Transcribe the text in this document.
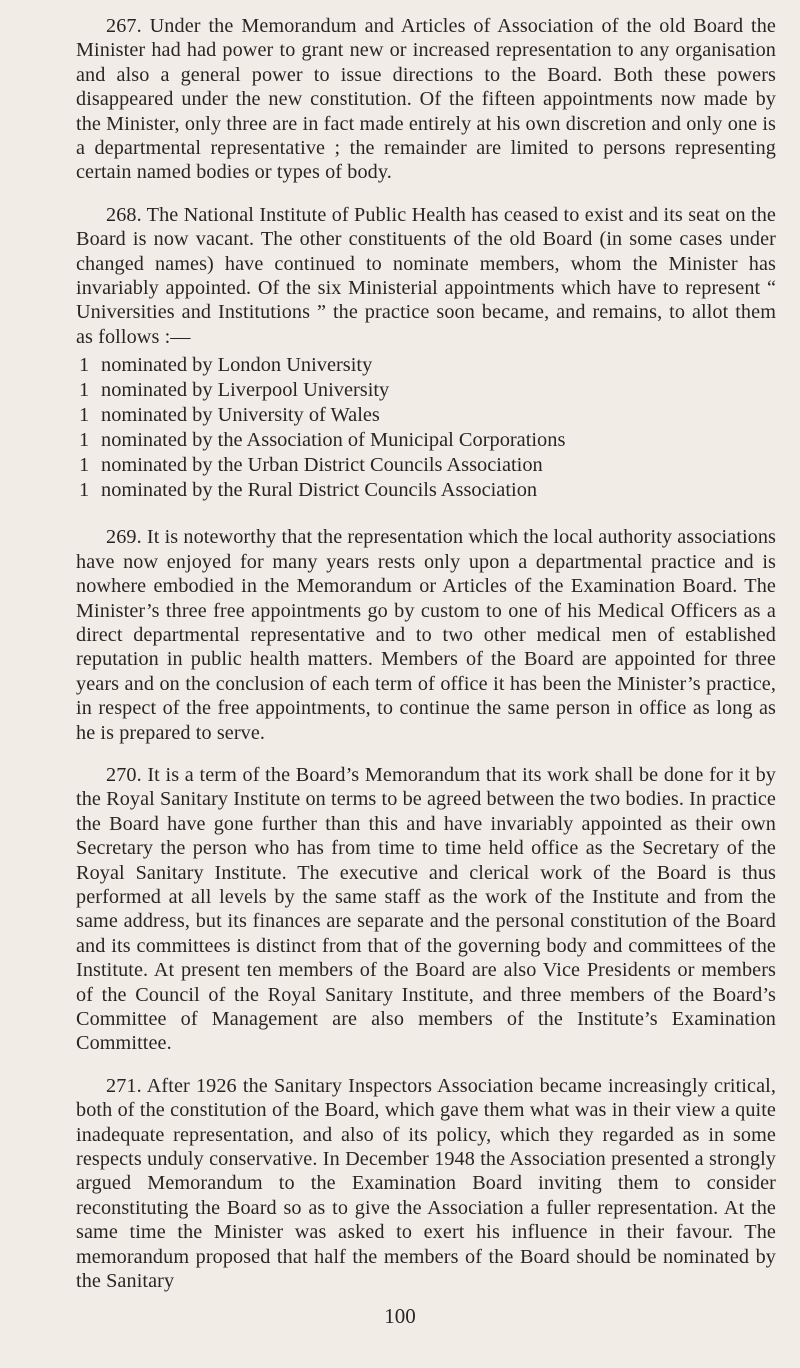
267. Under the Memorandum and Articles of Association of the old Board the Minister had had power to grant new or increased representation to any organisation and also a general power to issue directions to the Board. Both these powers disappeared under the new constitution. Of the fifteen appointments now made by the Minister, only three are in fact made entirely at his own discretion and only one is a departmental representative ; the remainder are limited to persons representing certain named bodies or types of body.

268. The National Institute of Public Health has ceased to exist and its seat on the Board is now vacant. The other constituents of the old Board (in some cases under changed names) have continued to nominate members, whom the Minister has invariably appointed. Of the six Ministerial appointments which have to represent “ Universities and Institutions ” the practice soon became, and remains, to allot them as follows :—

1 nominated by London University
1 nominated by Liverpool University
1 nominated by University of Wales
1 nominated by the Association of Municipal Corporations
1 nominated by the Urban District Councils Association
1 nominated by the Rural District Councils Association

269. It is noteworthy that the representation which the local authority associations have now enjoyed for many years rests only upon a departmental practice and is nowhere embodied in the Memorandum or Articles of the Examination Board. The Minister’s three free appointments go by custom to one of his Medical Officers as a direct departmental representative and to two other medical men of established reputation in public health matters. Members of the Board are appointed for three years and on the conclusion of each term of office it has been the Minister’s practice, in respect of the free appointments, to continue the same person in office as long as he is prepared to serve.

270. It is a term of the Board’s Memorandum that its work shall be done for it by the Royal Sanitary Institute on terms to be agreed between the two bodies. In practice the Board have gone further than this and have invariably appointed as their own Secretary the person who has from time to time held office as the Secretary of the Royal Sanitary Institute. The executive and clerical work of the Board is thus performed at all levels by the same staff as the work of the Institute and from the same address, but its finances are separate and the personal constitution of the Board and its committees is distinct from that of the governing body and committees of the Institute. At present ten members of the Board are also Vice Presidents or members of the Council of the Royal Sanitary Institute, and three members of the Board’s Committee of Management are also members of the Institute’s Examination Committee.

271. After 1926 the Sanitary Inspectors Association became increasingly critical, both of the constitution of the Board, which gave them what was in their view a quite inadequate representation, and also of its policy, which they regarded as in some respects unduly conservative. In December 1948 the Association presented a strongly argued Memorandum to the Examination Board inviting them to consider reconstituting the Board so as to give the Association a fuller representation. At the same time the Minister was asked to exert his influence in their favour. The memorandum proposed that half the members of the Board should be nominated by the Sanitary

100
